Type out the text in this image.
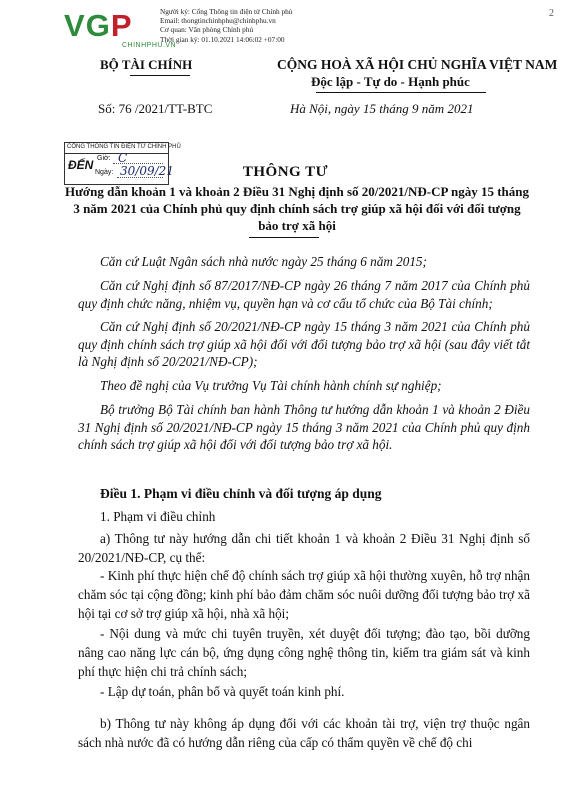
VGP
CHINHPHU.VN
Người ký: Cổng Thông tin điện tử Chính phủ
Email: thongtinchinhphu@chinhphu.vn
Cơ quan: Văn phòng Chính phủ
Thời gian ký: 01.10.2021 14:06:02 +07:00
2
BỘ TÀI CHÍNH	CỘNG HOÀ XÃ HỘI CHỦ NGHĨA VIỆT NAM
Độc lập - Tự do - Hạnh phúc
Số: 76 /2021/TT-BTC	Hà Nội, ngày 15 tháng 9 năm 2021
CỔNG THÔNG TIN ĐIỆN TỬ CHÍNH PHỦ
ĐẾN Giờ: C
Ngày: 30/09/21	THÔNG TƯ
Hướng dẫn khoản 1 và khoản 2 Điều 31 Nghị định số 20/2021/NĐ-CP ngày 15 tháng 3 năm 2021 của Chính phủ quy định chính sách trợ giúp xã hội đối với đối tượng bảo trợ xã hội
Căn cứ Luật Ngân sách nhà nước ngày 25 tháng 6 năm 2015;
Căn cứ Nghị định số 87/2017/NĐ-CP ngày 26 tháng 7 năm 2017 của Chính phủ quy định chức năng, nhiệm vụ, quyền hạn và cơ cấu tổ chức của Bộ Tài chính;
Căn cứ Nghị định số 20/2021/NĐ-CP ngày 15 tháng 3 năm 2021 của Chính phủ quy định chính sách trợ giúp xã hội đối với đối tượng bảo trợ xã hội (sau đây viết tắt là Nghị định số 20/2021/NĐ-CP);
Theo đề nghị của Vụ trưởng Vụ Tài chính hành chính sự nghiệp;
Bộ trưởng Bộ Tài chính ban hành Thông tư hướng dẫn khoản 1 và khoản 2 Điều 31 Nghị định số 20/2021/NĐ-CP ngày 15 tháng 3 năm 2021 của Chính phủ quy định chính sách trợ giúp xã hội đối với đối tượng bảo trợ xã hội.
Điều 1. Phạm vi điều chỉnh và đối tượng áp dụng
1. Phạm vi điều chỉnh
a) Thông tư này hướng dẫn chi tiết khoản 1 và khoản 2 Điều 31 Nghị định số 20/2021/NĐ-CP, cụ thể:
- Kinh phí thực hiện chế độ chính sách trợ giúp xã hội thường xuyên, hỗ trợ nhận chăm sóc tại cộng đồng; kinh phí bảo đảm chăm sóc nuôi dưỡng đối tượng bảo trợ xã hội tại cơ sở trợ giúp xã hội, nhà xã hội;
- Nội dung và mức chi tuyên truyền, xét duyệt đối tượng; đào tạo, bồi dưỡng nâng cao năng lực cán bộ, ứng dụng công nghệ thông tin, kiểm tra giám sát và kinh phí thực hiện chi trả chính sách;
- Lập dự toán, phân bổ và quyết toán kinh phí.
b) Thông tư này không áp dụng đối với các khoản tài trợ, viện trợ thuộc ngân sách nhà nước đã có hướng dẫn riêng của cấp có thẩm quyền về chế độ chi
